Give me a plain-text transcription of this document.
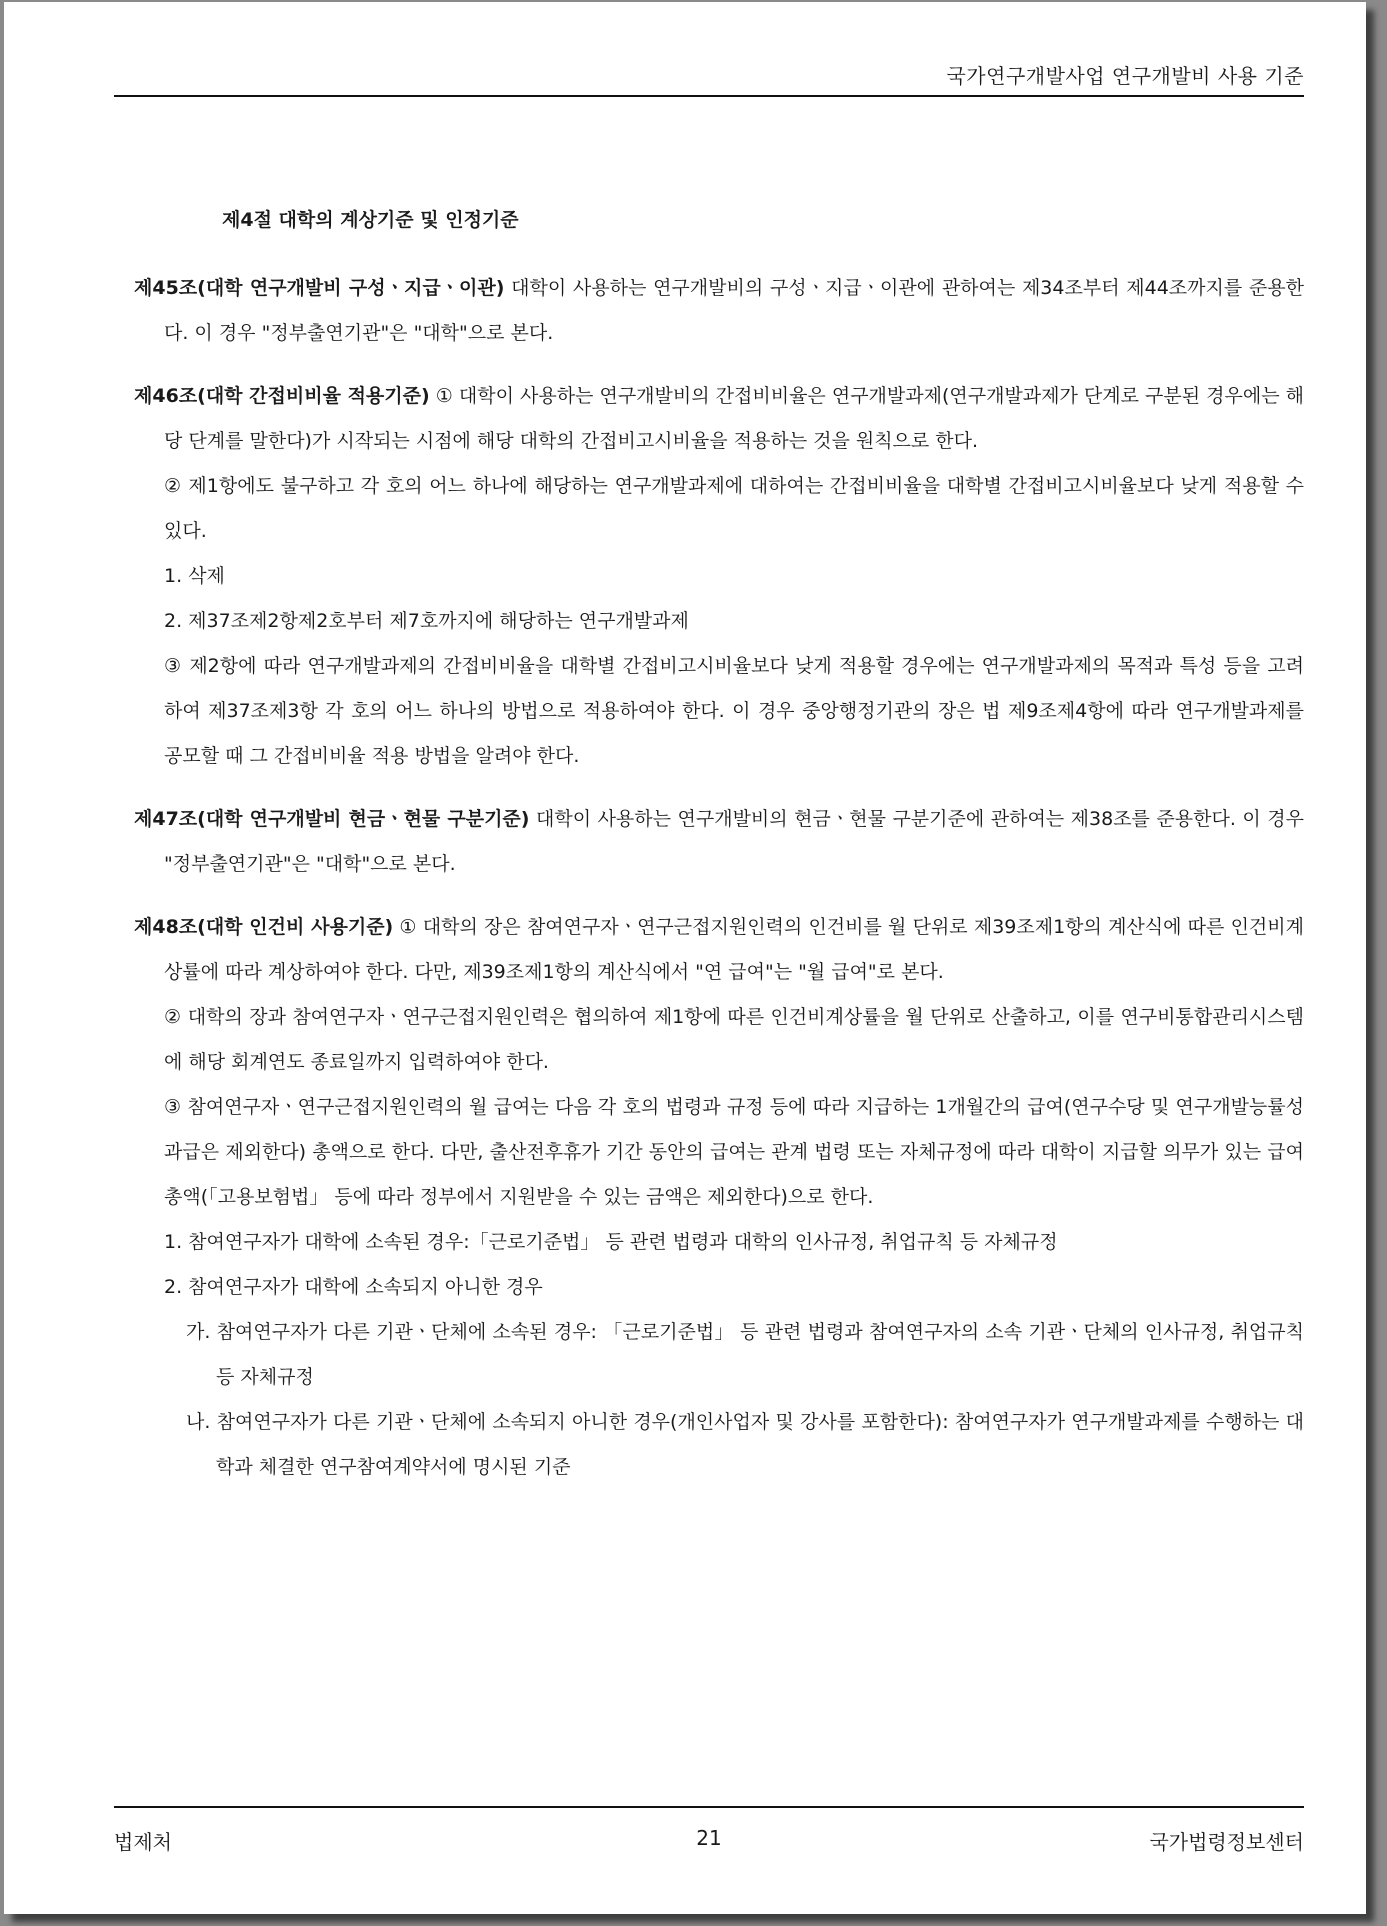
국가연구개발사업 연구개발비 사용 기준
제4절 대학의 계상기준 및 인정기준

제45조(대학 연구개발비 구성ㆍ지급ㆍ이관) 대학이 사용하는 연구개발비의 구성ㆍ지급ㆍ이관에 관하여는 제34조부터 제44조까지를 준용한다. 이 경우 "정부출연기관"은 "대학"으로 본다.

제46조(대학 간접비비율 적용기준) ① 대학이 사용하는 연구개발비의 간접비비율은 연구개발과제(연구개발과제가 단계로 구분된 경우에는 해당 단계를 말한다)가 시작되는 시점에 해당 대학의 간접비고시비율을 적용하는 것을 원칙으로 한다.

② 제1항에도 불구하고 각 호의 어느 하나에 해당하는 연구개발과제에 대하여는 간접비비율을 대학별 간접비고시비율보다 낮게 적용할 수 있다.

1. 삭제

2. 제37조제2항제2호부터 제7호까지에 해당하는 연구개발과제

③ 제2항에 따라 연구개발과제의 간접비비율을 대학별 간접비고시비율보다 낮게 적용할 경우에는 연구개발과제의 목적과 특성 등을 고려하여 제37조제3항 각 호의 어느 하나의 방법으로 적용하여야 한다. 이 경우 중앙행정기관의 장은 법 제9조제4항에 따라 연구개발과제를 공모할 때 그 간접비비율 적용 방법을 알려야 한다.

제47조(대학 연구개발비 현금ㆍ현물 구분기준) 대학이 사용하는 연구개발비의 현금ㆍ현물 구분기준에 관하여는 제38조를 준용한다. 이 경우 "정부출연기관"은 "대학"으로 본다.

제48조(대학 인건비 사용기준) ① 대학의 장은 참여연구자ㆍ연구근접지원인력의 인건비를 월 단위로 제39조제1항의 계산식에 따른 인건비계상률에 따라 계상하여야 한다. 다만, 제39조제1항의 계산식에서 "연 급여"는 "월 급여"로 본다.

② 대학의 장과 참여연구자ㆍ연구근접지원인력은 협의하여 제1항에 따른 인건비계상률을 월 단위로 산출하고, 이를 연구비통합관리시스템에 해당 회계연도 종료일까지 입력하여야 한다.

③ 참여연구자ㆍ연구근접지원인력의 월 급여는 다음 각 호의 법령과 규정 등에 따라 지급하는 1개월간의 급여(연구수당 및 연구개발능률성과급은 제외한다) 총액으로 한다. 다만, 출산전후휴가 기간 동안의 급여는 관계 법령 또는 자체규정에 따라 대학이 지급할 의무가 있는 급여 총액(「고용보험법」 등에 따라 정부에서 지원받을 수 있는 금액은 제외한다)으로 한다.

1. 참여연구자가 대학에 소속된 경우:「근로기준법」 등 관련 법령과 대학의 인사규정, 취업규칙 등 자체규정

2. 참여연구자가 대학에 소속되지 아니한 경우

가. 참여연구자가 다른 기관ㆍ단체에 소속된 경우: 「근로기준법」 등 관련 법령과 참여연구자의 소속 기관ㆍ단체의 인사규정, 취업규칙 등 자체규정

나. 참여연구자가 다른 기관ㆍ단체에 소속되지 아니한 경우(개인사업자 및 강사를 포함한다): 참여연구자가 연구개발과제를 수행하는 대학과 체결한 연구참여계약서에 명시된 기준

법제처	21	국가법령정보센터
